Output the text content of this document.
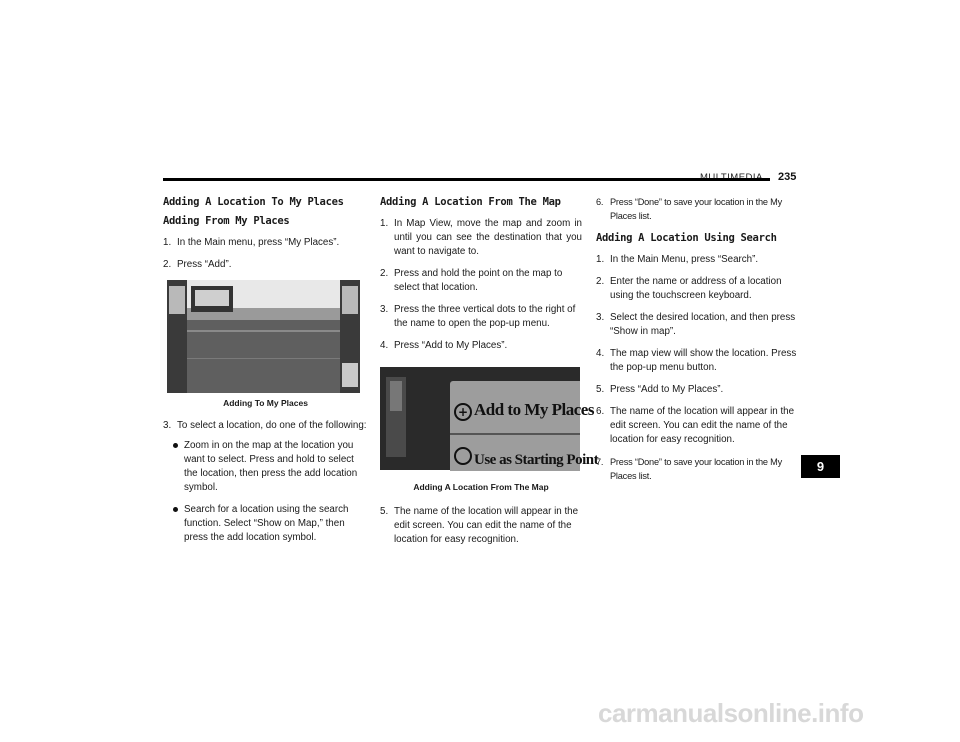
235
Adding A Location To My Places
Adding From My Places
1. In the Main menu, press “My Places”.
2. Press “Add”.
Adding To My Places
3. To select a location, do one of the following:
Zoom in on the map at the location you want to select. Press and hold to select the location, then press the add location symbol.
Search for a location using the search function. Select “Show on Map,” then press the add location symbol.
Adding A Location From The Map
1. In Map View, move the map and zoom in until you can see the destination that you want to navigate to.
2. Press and hold the point on the map to select that location.
3. Press the three vertical dots to the right of the name to open the pop-up menu.
4. Press “Add to My Places”.
+ Add to My Places
Use as Starting Point
Adding A Location From The Map
5. The name of the location will appear in the edit screen. You can edit the name of the location for easy recognition.
6. Press “Done” to save your location in the My Places list.
Adding A Location Using Search
1. In the Main Menu, press “Search”.
2. Enter the name or address of a location using the touchscreen keyboard.
3. Select the desired location, and then press “Show in map”.
4. The map view will show the location. Press the pop-up menu button.
5. Press “Add to My Places”.
6. The name of the location will appear in the edit screen. You can edit the name of the location for easy recognition.
7. Press “Done” to save your location in the My Places list.
9
carmanualsonline.info
